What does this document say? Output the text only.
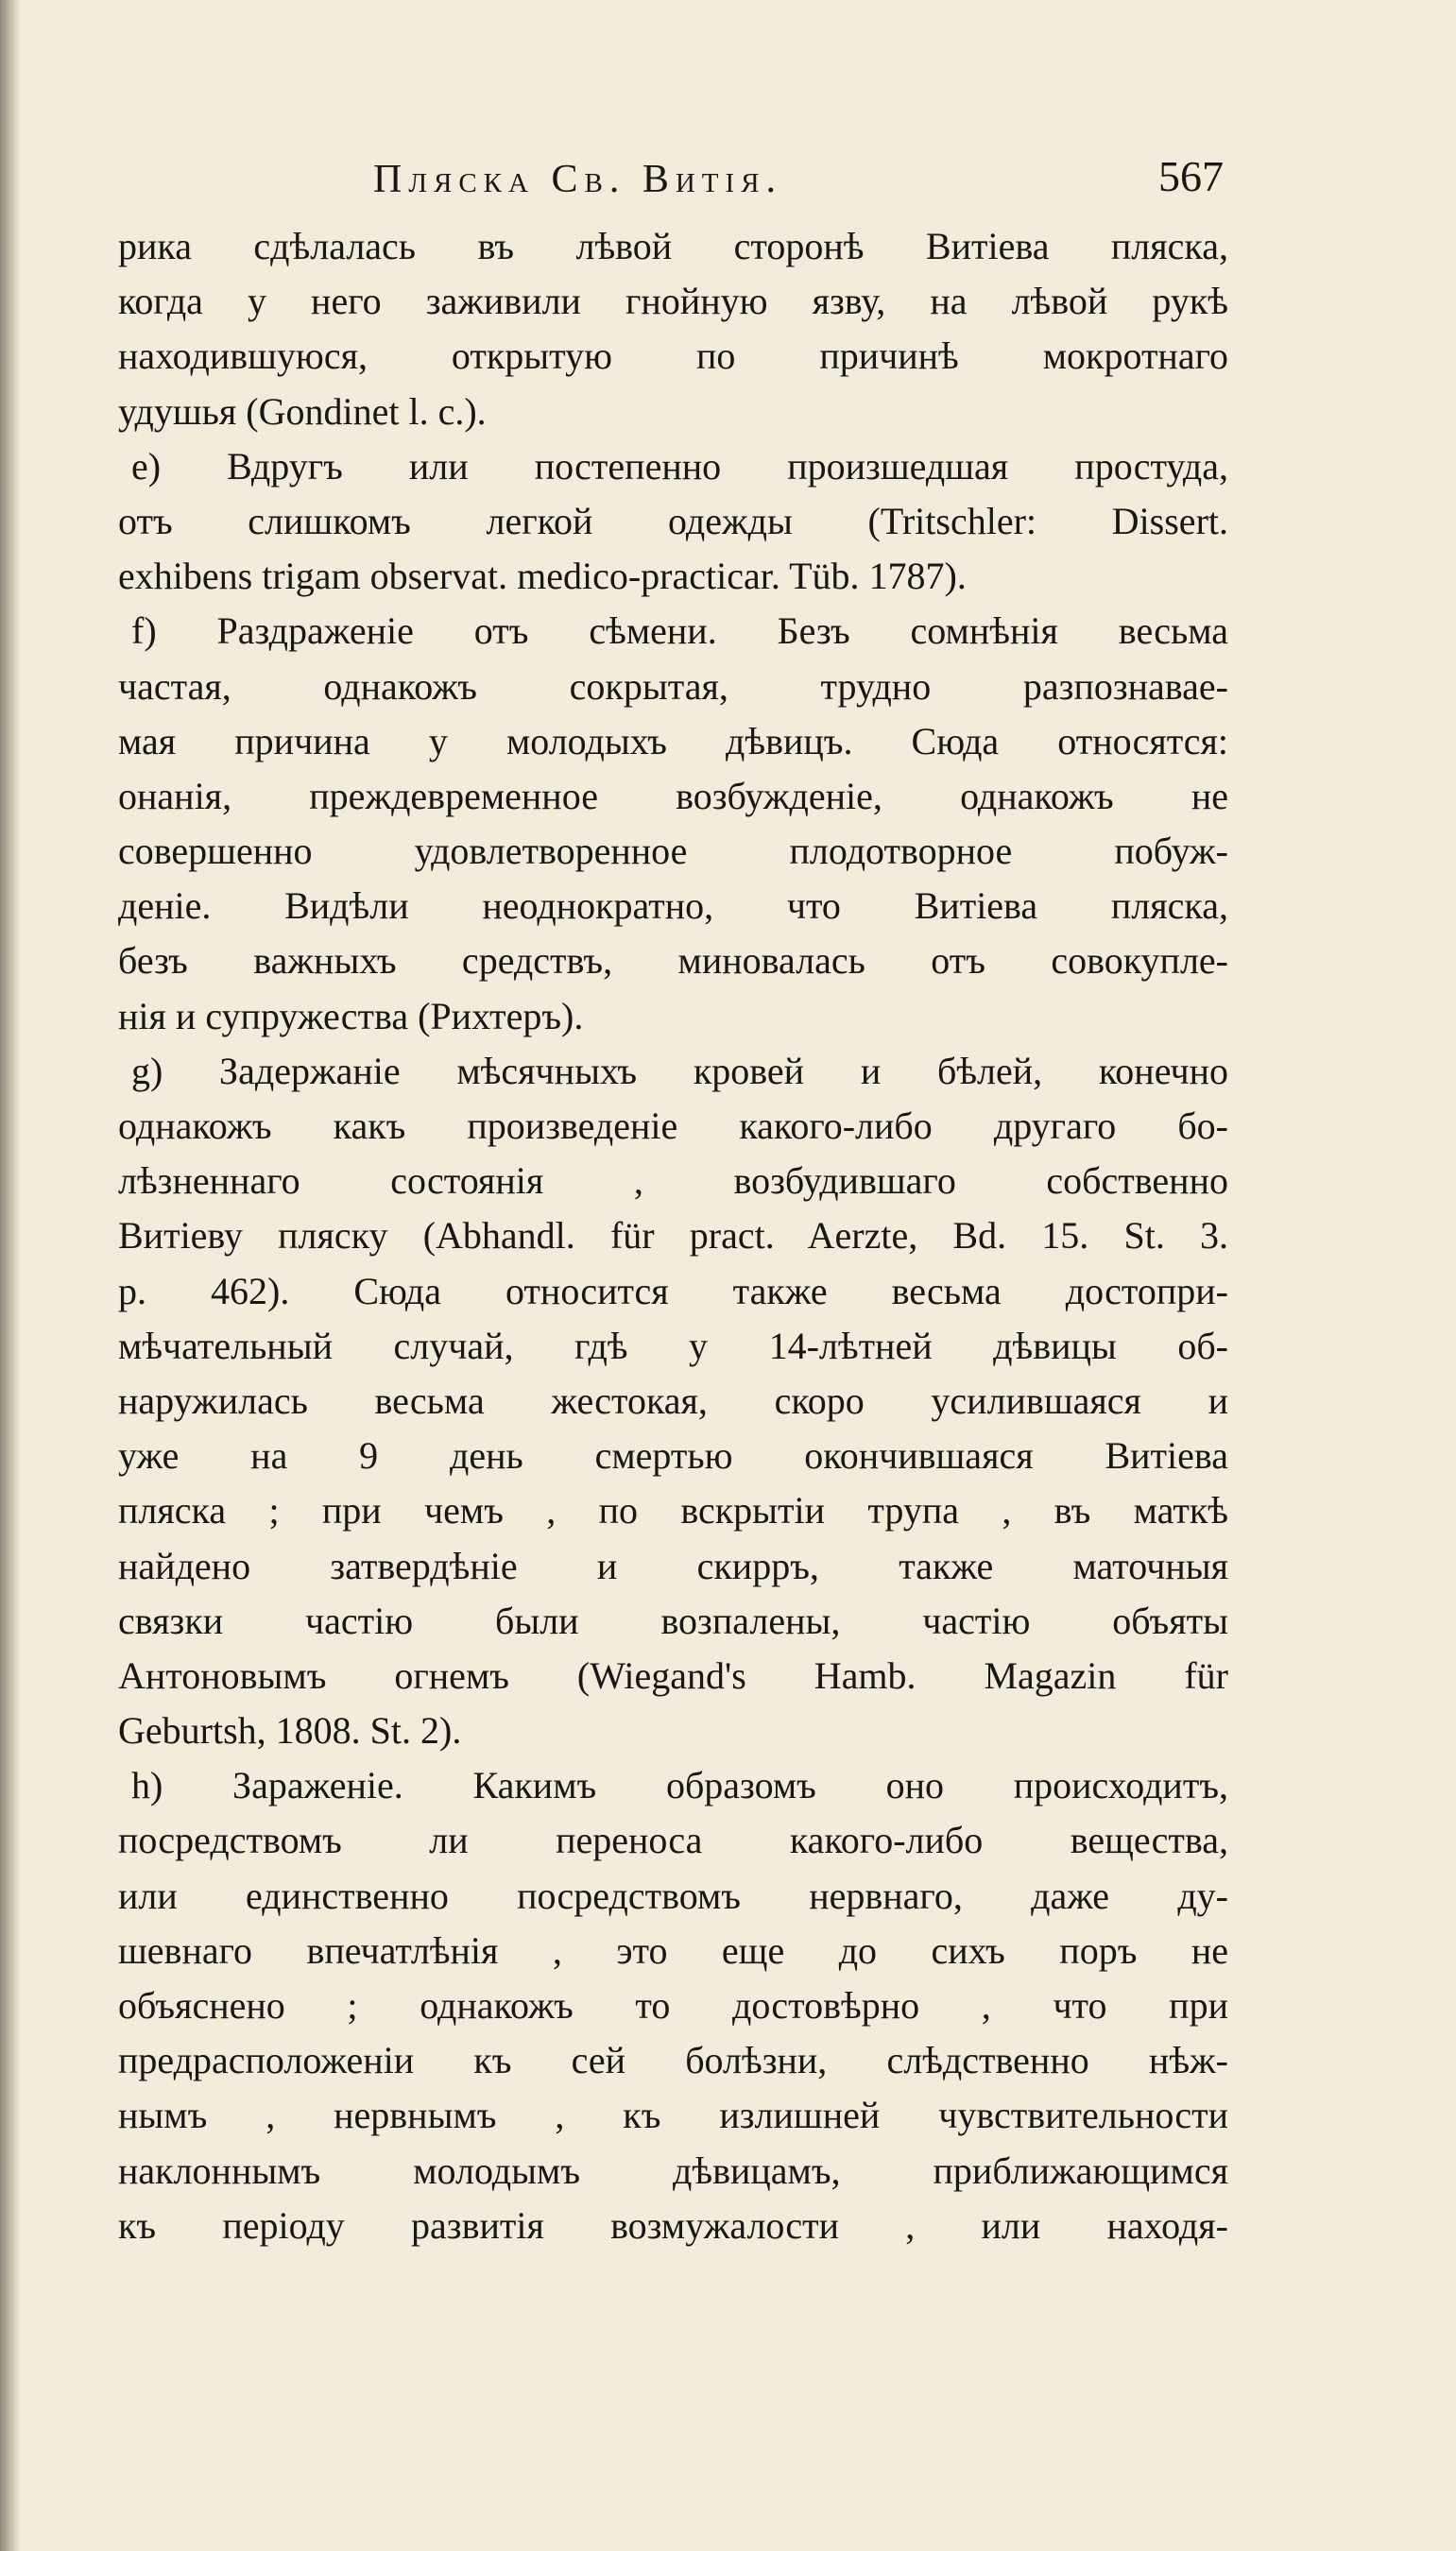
Пляска Св. Витія.	567
рика сдѣлалась въ лѣвой сторонѣ Витіева пляска,
когда у него заживили гнойную язву, на лѣвой рукѣ
находившуюся, открытую по причинѣ мокротнаго
удушья (Gondinet l. c.).
e) Вдругъ или постепенно произшедшая простуда,
отъ слишкомъ легкой одежды (Tritschler: Dissert.
exhibens trigam observat. medico-practicar. Tüb. 1787).
f) Раздраженіе отъ сѣмени. Безъ сомнѣнія весьма
частая, однакожъ сокрытая, трудно разпознавае-
мая причина у молодыхъ дѣвицъ. Сюда относятся:
онанія, преждевременное возбужденіе, однакожъ не
совершенно удовлетворенное плодотворное побуж-
деніе. Видѣли неоднократно, что Витіева пляска,
безъ важныхъ средствъ, миновалась отъ совокупле-
нія и супружества (Рихтеръ).
g) Задержаніе мѣсячныхъ кровей и бѣлей, конечно
однакожъ какъ произведеніе какого-либо другаго бо-
лѣзненнаго состоянія , возбудившаго собственно
Витіеву пляску (Abhandl. für pract. Aerzte, Bd. 15. St. 3.
p. 462). Сюда относится также весьма достопри-
мѣчательный случай, гдѣ у 14-лѣтней дѣвицы об-
наружилась весьма жестокая, скоро усилившаяся и
уже на 9 день смертью окончившаяся Витіева
пляска ; при чемъ , по вскрытіи трупа , въ маткѣ
найдено затвердѣніе и скирръ, также маточныя
связки частію были возпалены, частію объяты
Антоновымъ огнемъ (Wiegand's Hamb. Magazin für
Geburtsh, 1808. St. 2).
h) Зараженіе. Какимъ образомъ оно происходитъ,
посредствомъ ли переноса какого-либо вещества,
или единственно посредствомъ нервнаго, даже ду-
шевнаго впечатлѣнія , это еще до сихъ поръ не
объяснено ; однакожъ то достовѣрно , что при
предрасположеніи къ сей болѣзни, слѣдственно нѣж-
нымъ , нервнымъ , къ излишней чувствительности
наклоннымъ молодымъ дѣвицамъ, приближающимся
къ періоду развитія возмужалости , или находя-
